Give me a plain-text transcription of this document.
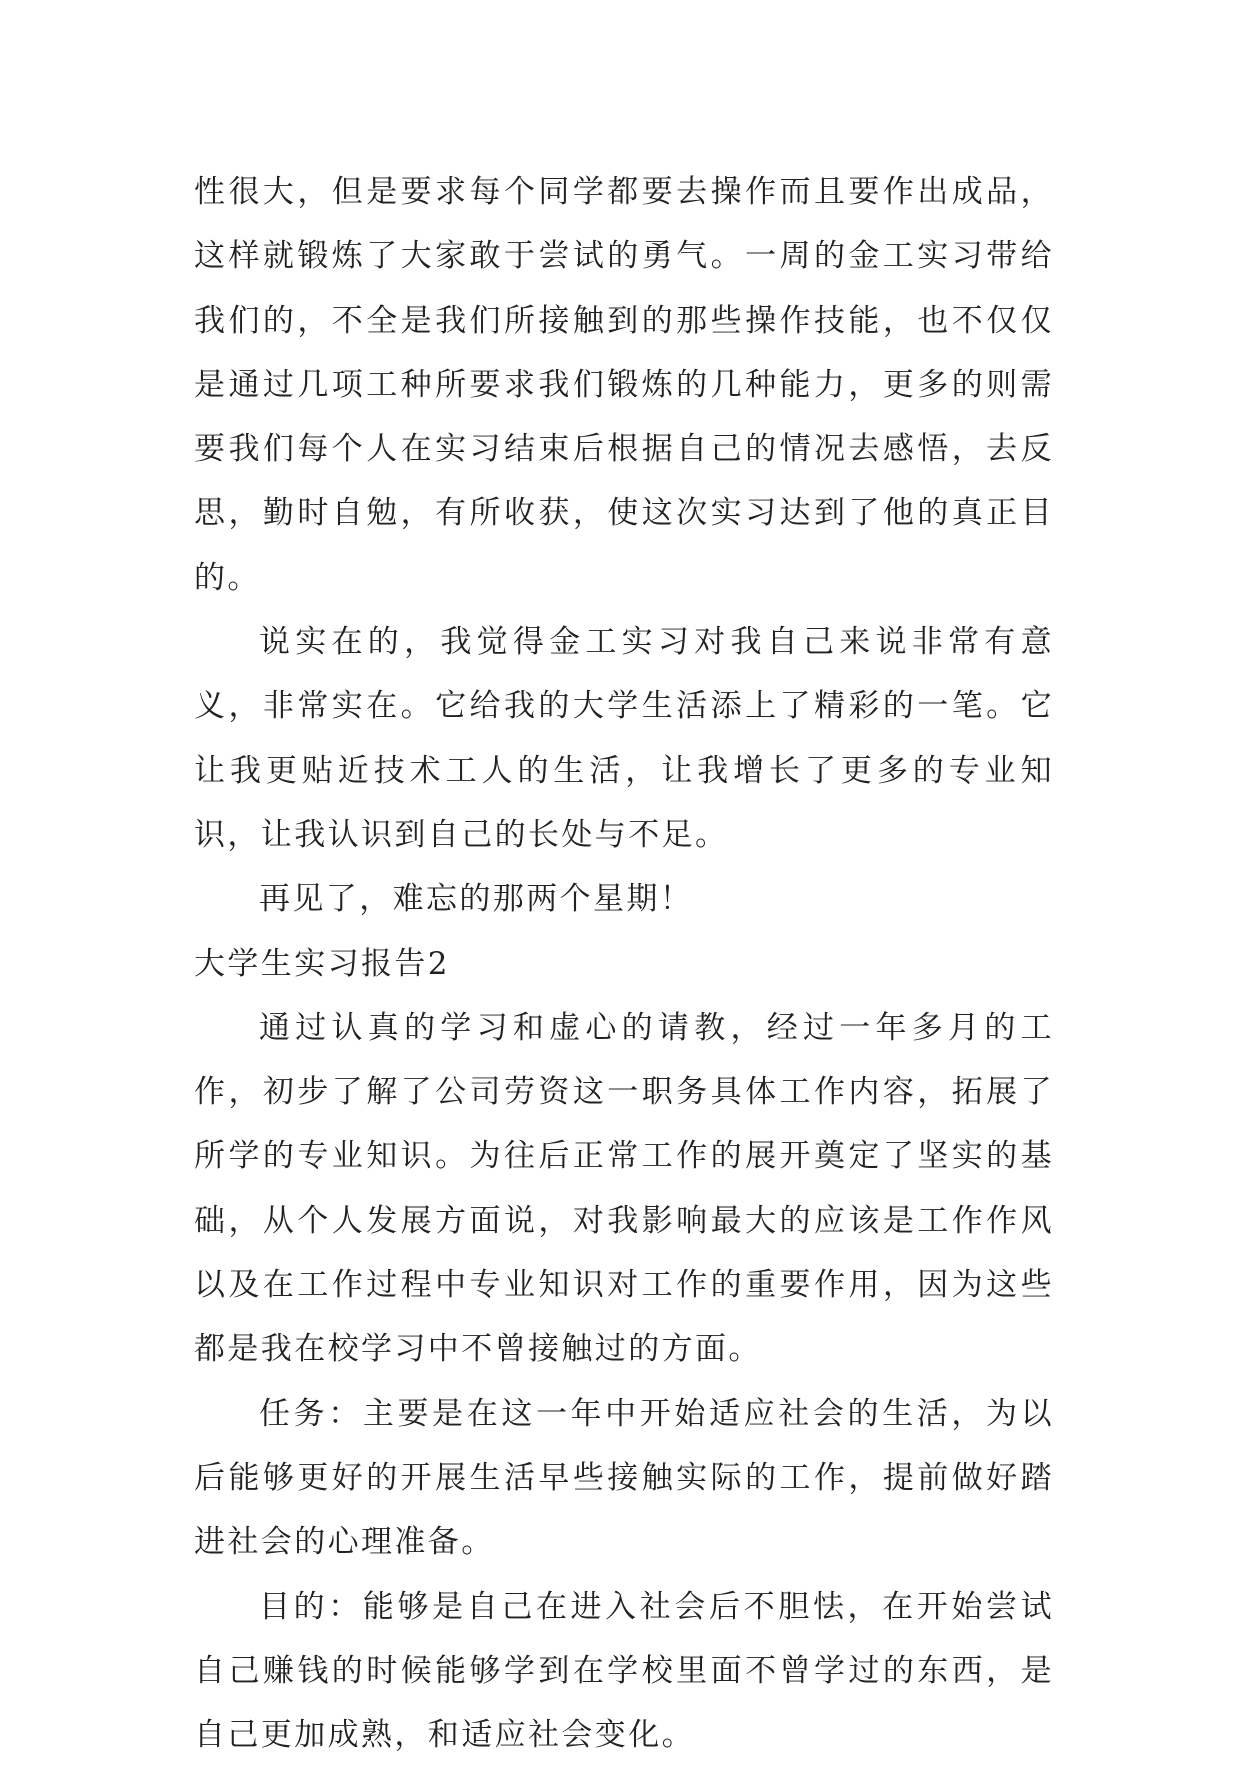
性很大，但是要求每个同学都要去操作而且要作出成品，这样就锻炼了大家敢于尝试的勇气。一周的金工实习带给我们的，不全是我们所接触到的那些操作技能，也不仅仅是通过几项工种所要求我们锻炼的几种能力，更多的则需要我们每个人在实习结束后根据自己的情况去感悟，去反思，勤时自勉，有所收获，使这次实习达到了他的真正目的。

说实在的，我觉得金工实习对我自己来说非常有意义，非常实在。它给我的大学生活添上了精彩的一笔。它让我更贴近技术工人的生活，让我增长了更多的专业知识，让我认识到自己的长处与不足。

再见了，难忘的那两个星期！

大学生实习报告2

通过认真的学习和虚心的请教，经过一年多月的工作，初步了解了公司劳资这一职务具体工作内容，拓展了所学的专业知识。为往后正常工作的展开奠定了坚实的基础，从个人发展方面说，对我影响最大的应该是工作作风以及在工作过程中专业知识对工作的重要作用，因为这些都是我在校学习中不曾接触过的方面。

任务：主要是在这一年中开始适应社会的生活，为以后能够更好的开展生活早些接触实际的工作，提前做好踏进社会的心理准备。

目的：能够是自己在进入社会后不胆怯，在开始尝试自己赚钱的时候能够学到在学校里面不曾学过的东西，是自己更加成熟，和适应社会变化。
